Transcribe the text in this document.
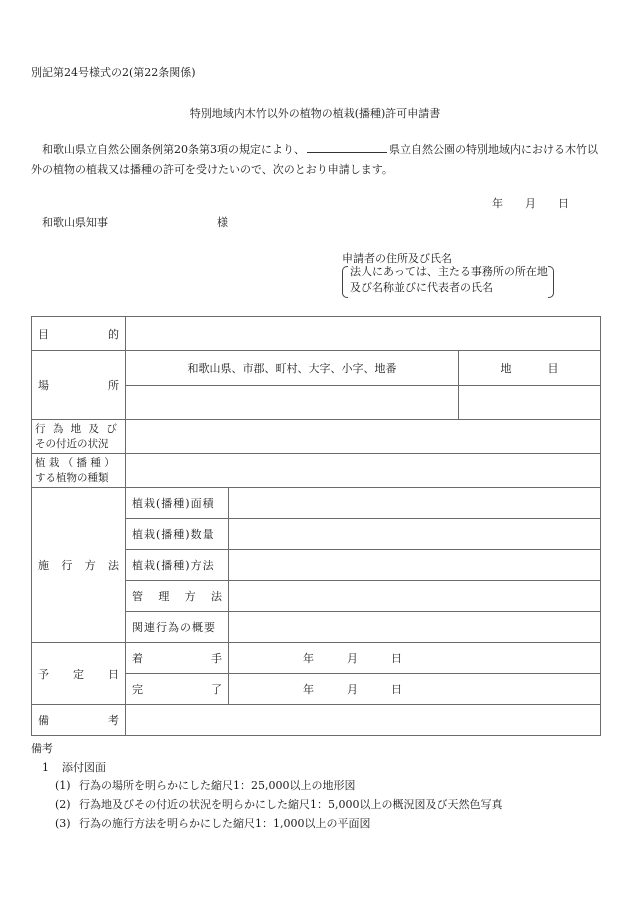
別記第24号様式の2(第22条関係)
特別地域内木竹以外の植物の植栽(播種)許可申請書
和歌山県立自然公園条例第20条第3項の規定により、	県立自然公園の特別地域内における木竹以外の植物の植栽又は播種の許可を受けたいので、次のとおり申請します。
年 月 日
和歌山県知事	様
申請者の住所及び氏名
法人にあっては、主たる事務所の所在地
及び名称並びに代表者の氏名
目 的			

場 所	和歌山県、市郡、町村、大字、小字、地番		地 目

行 為 地 及 び
その付近の状況			

植 栽 （ 播 種 ）
する植物の種類			

施 行 方 法	植栽(播種)面積		
	植栽(播種)数量		
	植栽(播種)方法		

	管 理 方 法		

	関連行為の概要		

予 定 日	着 手	年 月 日	

	完 了	年 月 日	

備 考			

備考
1 添付図面
(1) 行為の場所を明らかにした縮尺1：25,000以上の地形図
(2) 行為地及びその付近の状況を明らかにした縮尺1：5,000以上の概況図及び天然色写真
(3) 行為の施行方法を明らかにした縮尺1：1,000以上の平面図
